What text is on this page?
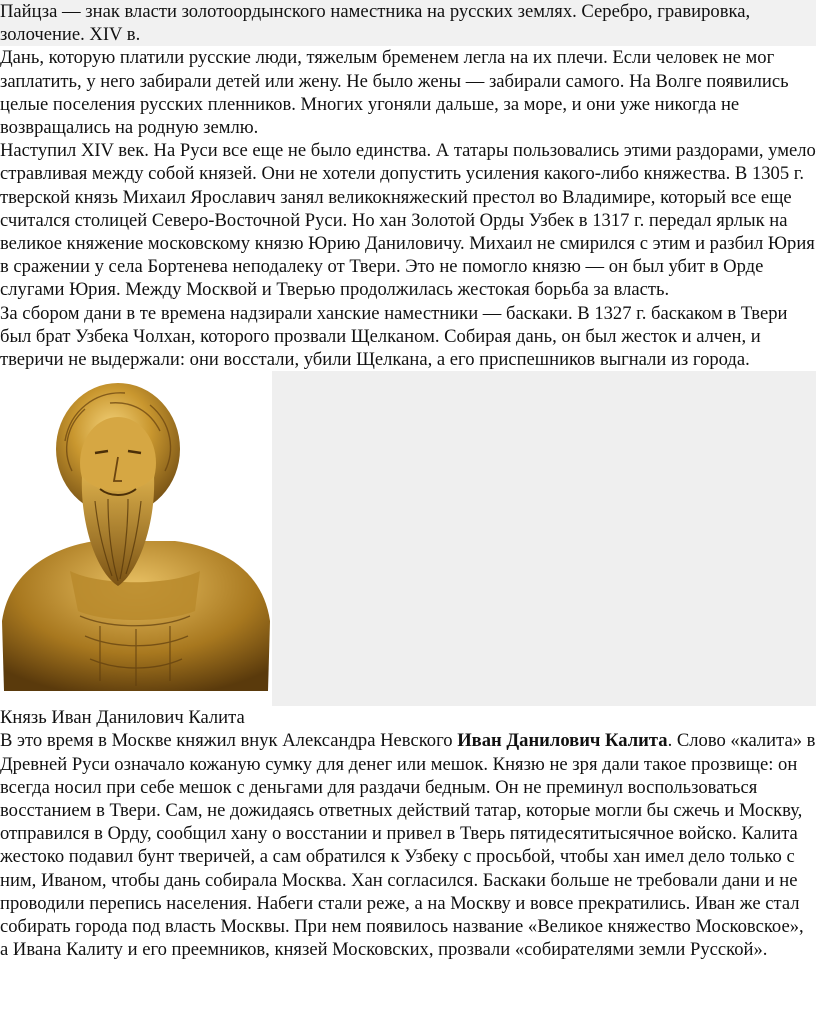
Пайцза — знак власти золотоордынского наместника на русских землях. Серебро, гравировка, золочение. XIV в.

Дань, которую платили русские люди, тяжелым бременем легла на их плечи. Если человек не мог заплатить, у него забирали детей или жену. Не было жены — забирали самого. На Волге появились целые поселения русских пленников. Многих угоняли дальше, за море, и они уже никогда не возвращались на родную землю.

Наступил XIV век. На Руси все еще не было единства. А татары пользовались этими раздорами, умело стравливая между собой князей. Они не хотели допустить усиления какого-либо княжества. В 1305 г. тверской князь Михаил Ярославич занял великокняжеский престол во Владимире, который все еще считался столицей Северо-Восточной Руси. Но хан Золотой Орды Узбек в 1317 г. передал ярлык на великое княжение московскому князю Юрию Даниловичу. Михаил не смирился с этим и разбил Юрия в сражении у села Бортенева неподалеку от Твери. Это не помогло князю — он был убит в Орде слугами Юрия. Между Москвой и Тверью продолжилась жестокая борьба за власть.

За сбором дани в те времена надзирали ханские наместники — баскаки. В 1327 г. баскаком в Твери был брат Узбека Чолхан, которого прозвали Щелканом. Собирая дань, он был жесток и алчен, и тверичи не выдержали: они восстали, убили Щелкана, а его приспешников выгнали из города.

Князь Иван Данилович Калита

В это время в Москве княжил внук Александра Невского Иван Данилович Калита. Слово «калита» в Древней Руси означало кожаную сумку для денег или мешок. Князю не зря дали такое прозвище: он всегда носил при себе мешок с деньгами для раздачи бедным. Он не преминул воспользоваться восстанием в Твери. Сам, не дожидаясь ответных действий татар, которые могли бы сжечь и Москву, отправился в Орду, сообщил хану о восстании и привел в Тверь пятидесятитысячное войско. Калита жестоко подавил бунт тверичей, а сам обратился к Узбеку с просьбой, чтобы хан имел дело только с ним, Иваном, чтобы дань собирала Москва. Хан согласился. Баскаки больше не требовали дани и не проводили перепись населения. Набеги стали реже, а на Москву и вовсе прекратились. Иван же стал собирать города под власть Москвы. При нем появилось название «Великое княжество Московское», а Ивана Калиту и его преемников, князей Московских, прозвали «собирателями земли Русской».
